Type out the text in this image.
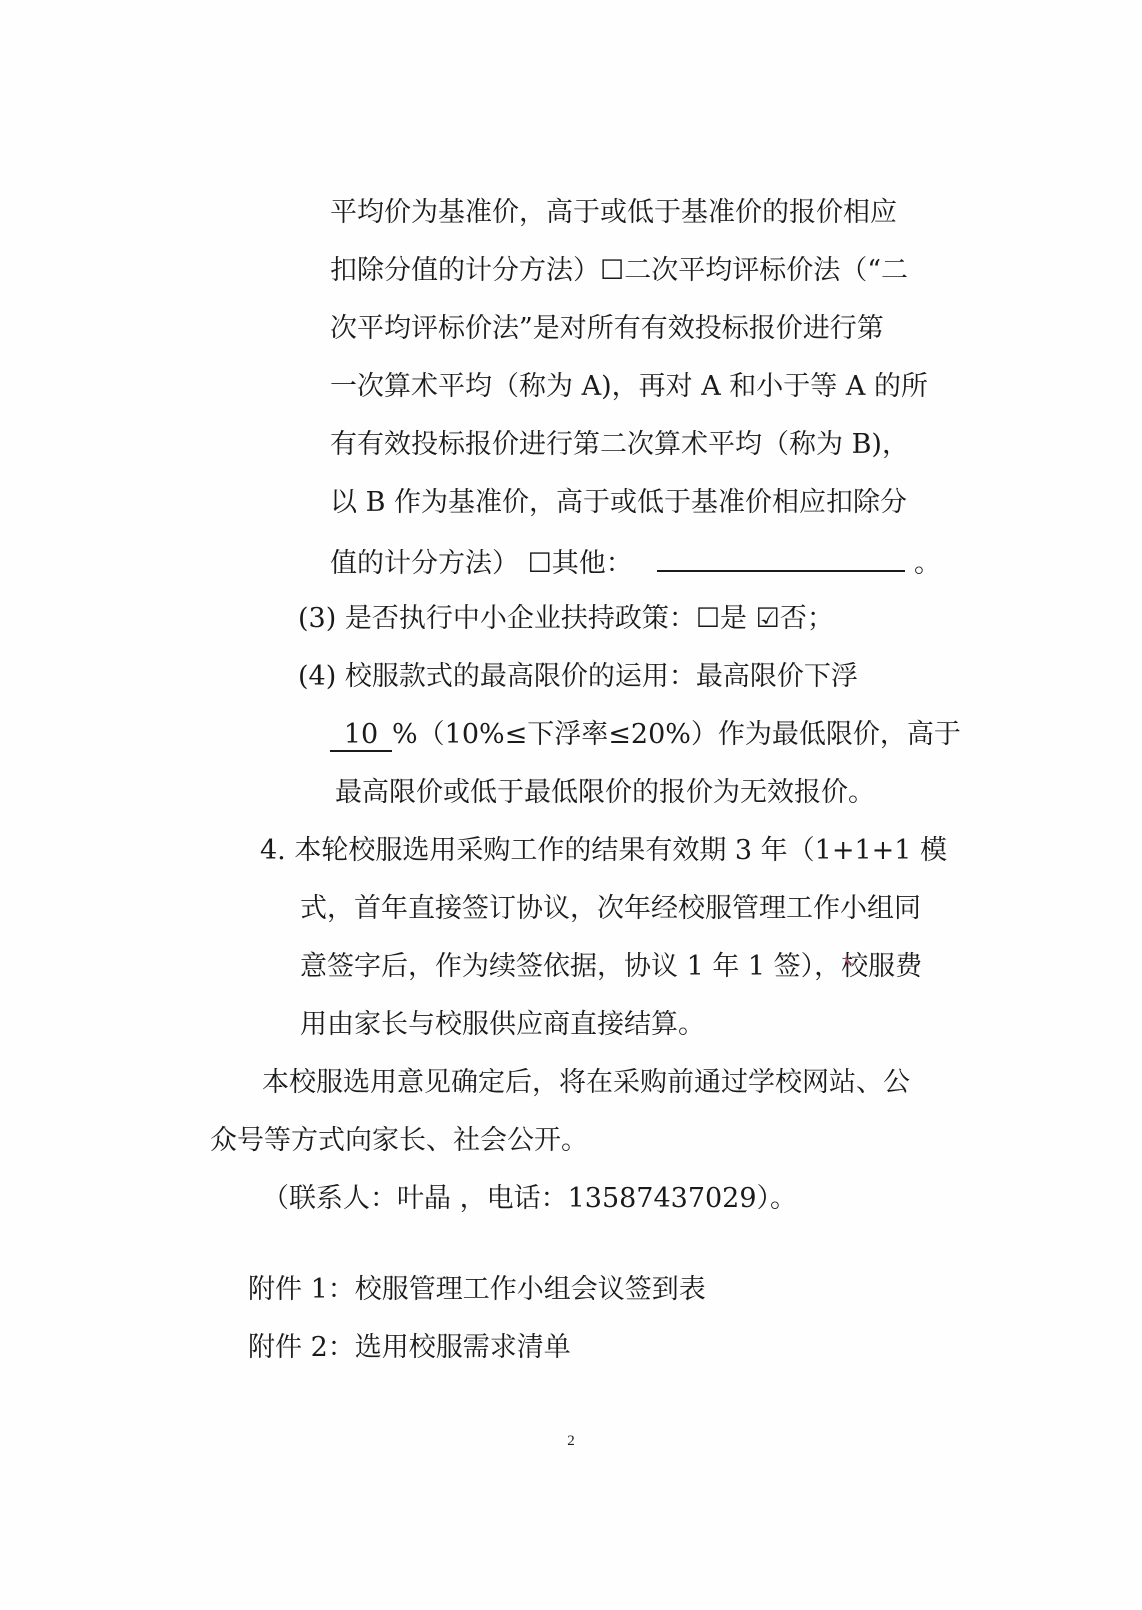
平均价为基准价，高于或低于基准价的报价相应
扣除分值的计分方法）☐二次平均评标价法（“二
次平均评标价法”是对所有有效投标报价进行第
一次算术平均（称为 A)，再对 A 和小于等 A 的所
有有效投标报价进行第二次算术平均（称为 B)，
以 B 作为基准价，高于或低于基准价相应扣除分
值的计分方法） ☐其他：	。
(3) 是否执行中小企业扶持政策：☐是 ☑否；
(4) 校服款式的最高限价的运用：最高限价下浮
10 %（10%≤下浮率≤20%）作为最低限价，高于
最高限价或低于最低限价的报价为无效报价。
4. 本轮校服选用采购工作的结果有效期 3 年（1+1+1 模
式，首年直接签订协议，次年经校服管理工作小组同
意签字后，作为续签依据，协议 1 年 1 签），校服费
用由家长与校服供应商直接结算。
本校服选用意见确定后，将在采购前通过学校网站、公
众号等方式向家长、社会公开。
（联系人：叶晶 ，电话：13587437029）。
附件 1：校服管理工作小组会议签到表
附件 2：选用校服需求清单
2
